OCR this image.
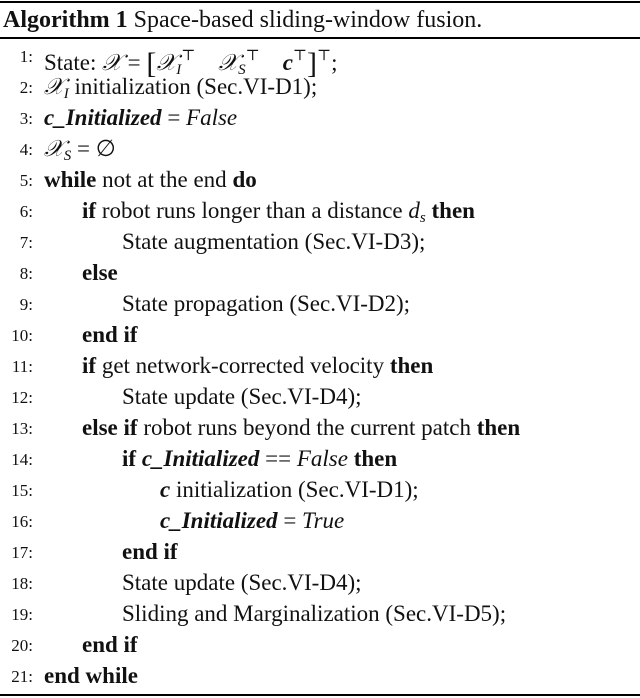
Algorithm 1 Space-based sliding-window fusion.
1: State: 𝒳 = [𝒳$_I$⊤ 𝒳$_S$⊤ c⊤]⊤;
2: 𝒳$_I$ initialization (Sec.VI-D1);
3: c_Initialized = False
4: 𝒳$_S$ = ∅
5: while not at the end do
6: if robot runs longer than a distance $d_s$ then
7:	State augmentation (Sec.VI-D3);
8: else
9:	State propagation (Sec.VI-D2);
10: end if
11: if get network-corrected velocity then
12:	State update (Sec.VI-D4);
13: else if robot runs beyond the current patch then
14:	if c_Initialized == False then
15:	c initialization (Sec.VI-D1);
16:	c_Initialized = True
17:	end if
18:	State update (Sec.VI-D4);
19:	Sliding and Marginalization (Sec.VI-D5);
20: end if
21: end while
